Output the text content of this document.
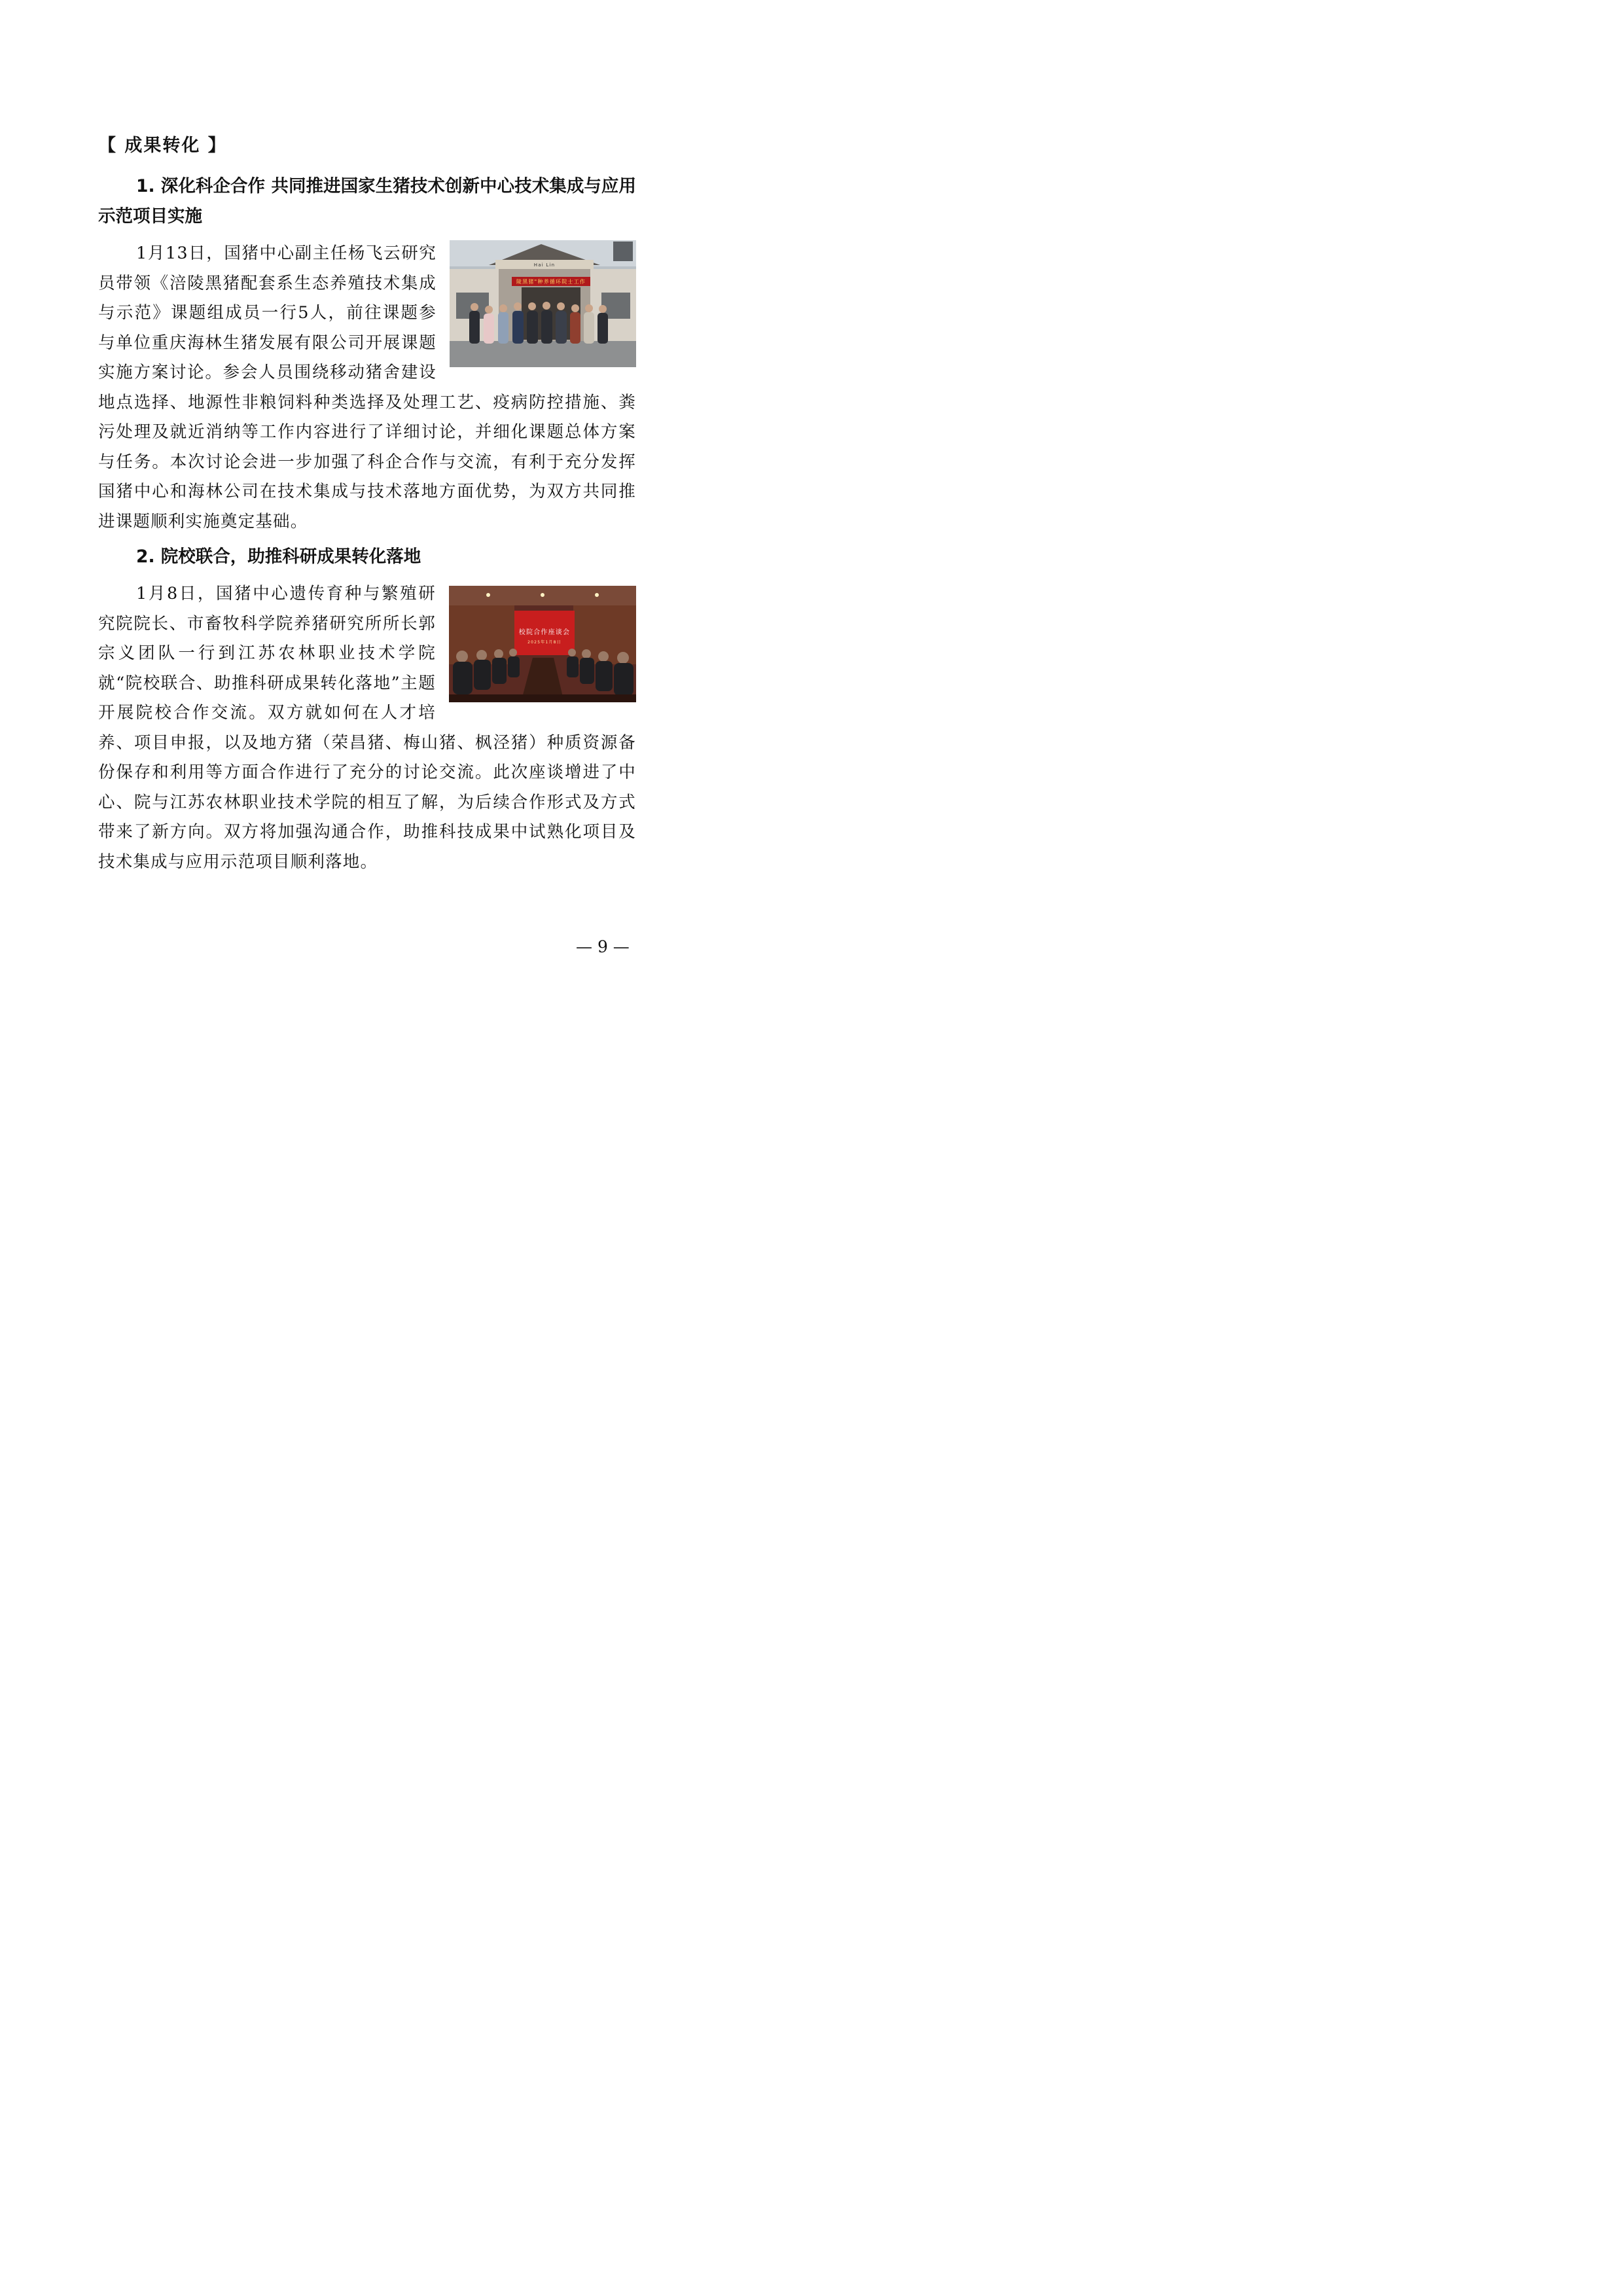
【 成果转化 】
1. 深化科企合作 共同推进国家生猪技术创新中心技术集成与应用示范项目实施
Hai Lin
陵黑猪"种养循环院士工作
1月13日，国猪中心副主任杨飞云研究员带领《涪陵黑猪配套系生态养殖技术集成与示范》课题组成员一行5人，前往课题参与单位重庆海林生猪发展有限公司开展课题实施方案讨论。参会人员围绕移动猪舍建设地点选择、地源性非粮饲料种类选择及处理工艺、疫病防控措施、粪污处理及就近消纳等工作内容进行了详细讨论，并细化课题总体方案与任务。本次讨论会进一步加强了科企合作与交流，有利于充分发挥国猪中心和海林公司在技术集成与技术落地方面优势，为双方共同推进课题顺利实施奠定基础。
2. 院校联合，助推科研成果转化落地
校院合作座谈会
2025年1月8日
1月8日，国猪中心遗传育种与繁殖研究院院长、市畜牧科学院养猪研究所所长郭宗义团队一行到江苏农林职业技术学院就“院校联合、助推科研成果转化落地”主题开展院校合作交流。双方就如何在人才培养、项目申报，以及地方猪（荣昌猪、梅山猪、枫泾猪）种质资源备份保存和利用等方面合作进行了充分的讨论交流。此次座谈增进了中心、院与江苏农林职业技术学院的相互了解，为后续合作形式及方式带来了新方向。双方将加强沟通合作，助推科技成果中试熟化项目及技术集成与应用示范项目顺利落地。
— 9 —
